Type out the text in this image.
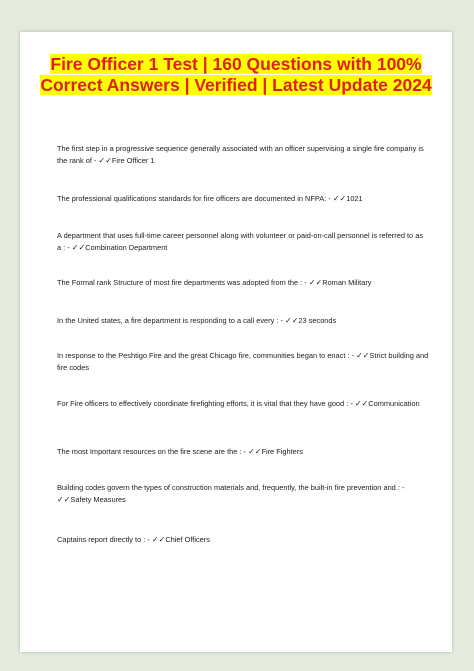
Fire Officer 1 Test | 160 Questions with 100% Correct Answers | Verified | Latest Update 2024
The first step in a progressive sequence generally associated with an officer supervising a single fire company is the rank of - ✓✓Fire Officer 1
The professional qualifications standards for fire officers are documented in NFPA: - ✓✓1021
A department that uses full-time career personnel along with volunteer or paid-on-call personnel is referred to as a : - ✓✓Combination Department
The Formal rank Structure of most fire departments was adopted from the : - ✓✓Roman Military
In the United states, a fire department is responding to a call every : - ✓✓23 seconds
In response to the Peshtigo Fire and the great Chicago fire, communities began to enact : - ✓✓Strict building and fire codes
For Fire officers to effectively coordinate firefighting efforts, it is vital that they have good : - ✓✓Communication
The most Important resources on the fire scene are the : - ✓✓Fire Fighters
Building codes govern the types of construction materials and, frequently, the built-in fire prevention and : - ✓✓Safety Measures
Captains report directly to : - ✓✓Chief Officers
